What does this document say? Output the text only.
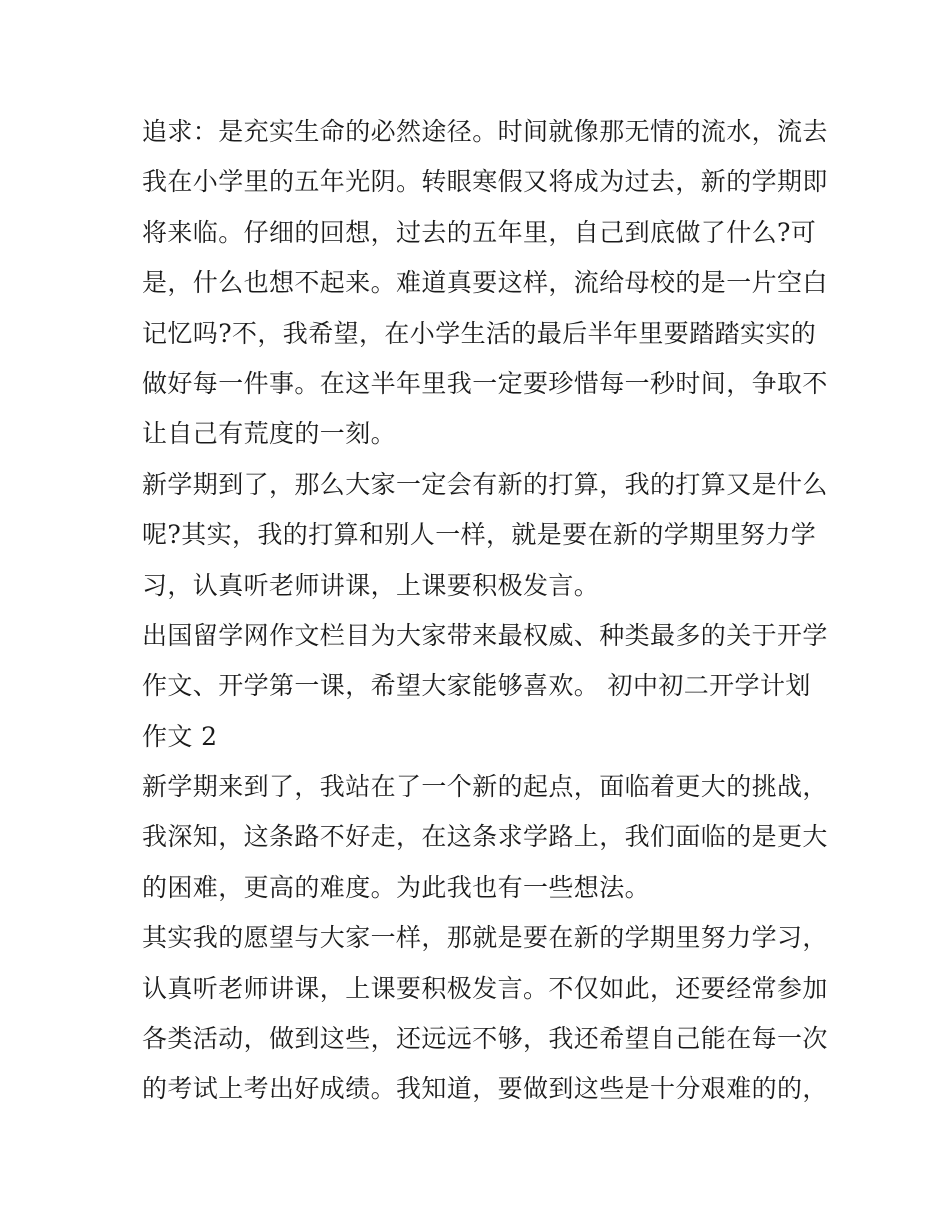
追求：是充实生命的必然途径。时间就像那无情的流水，流去
我在小学里的五年光阴。转眼寒假又将成为过去，新的学期即
将来临。仔细的回想，过去的五年里，自己到底做了什么?可
是，什么也想不起来。难道真要这样，流给母校的是一片空白
记忆吗?不，我希望，在小学生活的最后半年里要踏踏实实的
做好每一件事。在这半年里我一定要珍惜每一秒时间，争取不
让自己有荒度的一刻。
新学期到了，那么大家一定会有新的打算，我的打算又是什么
呢?其实，我的打算和别人一样，就是要在新的学期里努力学
习，认真听老师讲课，上课要积极发言。
出国留学网作文栏目为大家带来最权威、种类最多的关于开学
作文、开学第一课，希望大家能够喜欢。 初中初二开学计划
作文 2
新学期来到了，我站在了一个新的起点，面临着更大的挑战，
我深知，这条路不好走，在这条求学路上，我们面临的是更大
的困难，更高的难度。为此我也有一些想法。
其实我的愿望与大家一样，那就是要在新的学期里努力学习，
认真听老师讲课，上课要积极发言。不仅如此，还要经常参加
各类活动，做到这些，还远远不够，我还希望自己能在每一次
的考试上考出好成绩。我知道，要做到这些是十分艰难的的，
